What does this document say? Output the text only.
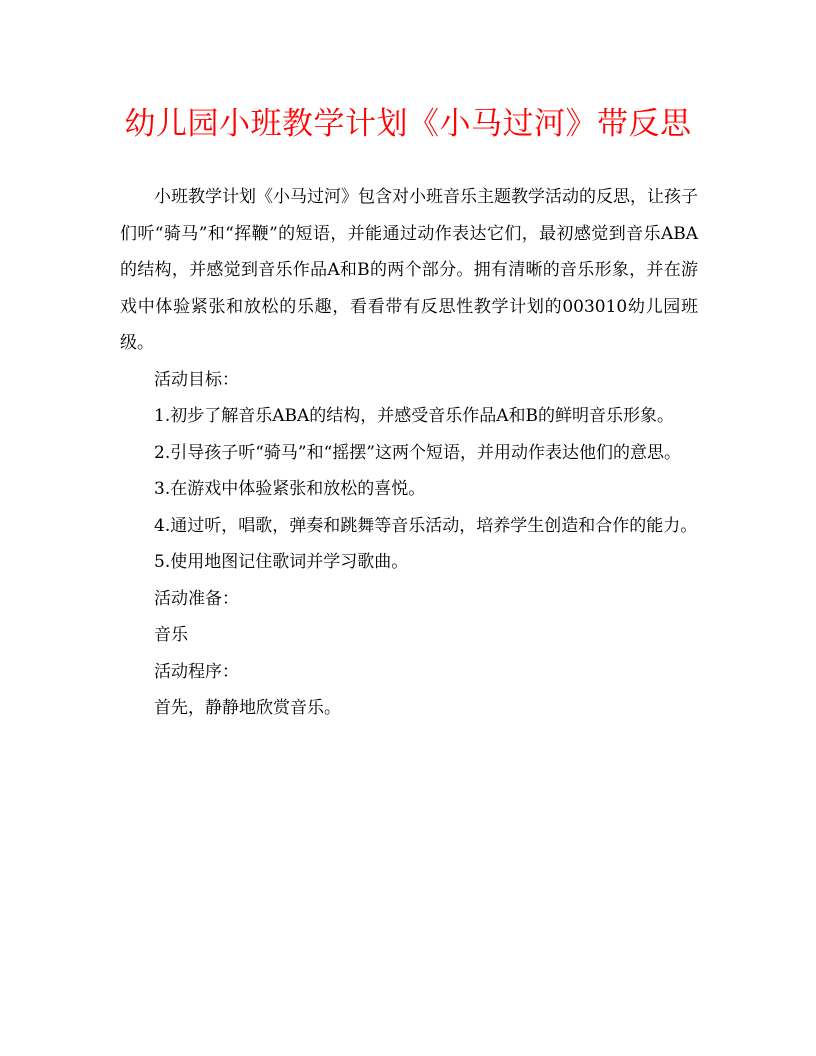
幼儿园小班教学计划《小马过河》带反思

小班教学计划《小马过河》包含对小班音乐主题教学活动的反思，让孩子们听“骑马”和“挥鞭”的短语，并能通过动作表达它们，最初感觉到音乐ABA的结构，并感觉到音乐作品A和B的两个部分。拥有清晰的音乐形象，并在游戏中体验紧张和放松的乐趣，看看带有反思性教学计划的003010幼儿园班级。

活动目标：

1.初步了解音乐ABA的结构，并感受音乐作品A和B的鲜明音乐形象。

2.引导孩子听“骑马”和“摇摆”这两个短语，并用动作表达他们的意思。

3.在游戏中体验紧张和放松的喜悦。

4.通过听，唱歌，弹奏和跳舞等音乐活动，培养学生创造和合作的能力。

5.使用地图记住歌词并学习歌曲。

活动准备：

音乐

活动程序：

首先，静静地欣赏音乐。
